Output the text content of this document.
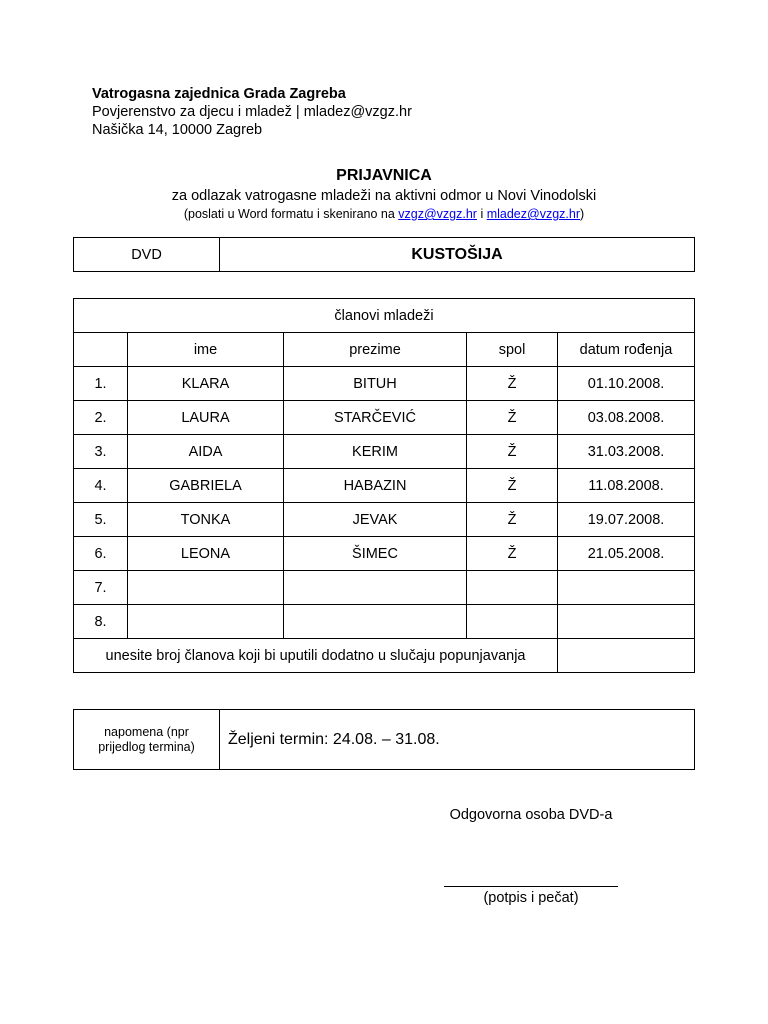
Vatrogasna zajednica Grada Zagreba
Povjerenstvo za djecu i mladež | mladez@vzgz.hr
Našička 14, 10000 Zagreb
PRIJAVNICA
za odlazak vatrogasne mladeži na aktivni odmor u Novi Vinodolski
(poslati u Word formatu i skenirano na vzgz@vzgz.hr i mladez@vzgz.hr)
DVD	KUSTOŠIJA
članovi mladeži				
	ime	prezime	spol	datum rođenja
1.	KLARA	BITUH	Ž	01.10.2008.
2.	LAURA	STARČEVIĆ	Ž	03.08.2008.
3.	AIDA	KERIM	Ž	31.03.2008.
4.	GABRIELA	HABAZIN	Ž	11.08.2008.
5.	TONKA	JEVAK	Ž	19.07.2008.
6.	LEONA	ŠIMEC	Ž	21.05.2008.
7.				
8.				
unesite broj članova koji bi uputili dodatno u slučaju popunjavanja				
napomena (npr
prijedlog termina)	Željeni termin: 24.08. – 31.08.
Odgovorna osoba DVD-a
(potpis i pečat)
